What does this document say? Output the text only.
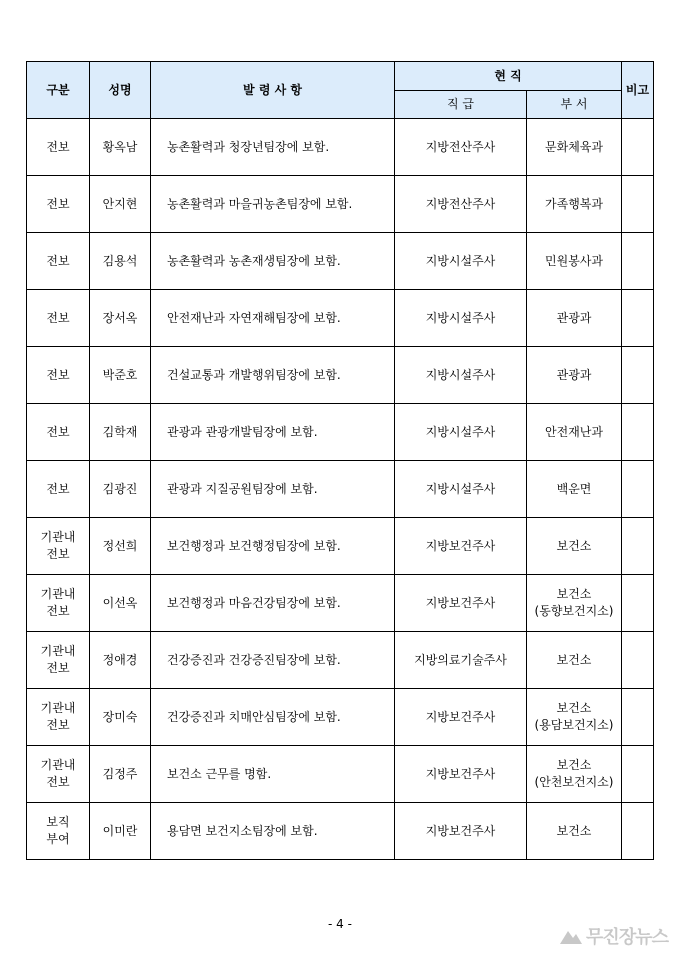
구분	성명	발 령 사 항	현 직		비고
			직 급	부 서	

전보	황옥남	농촌활력과 청장년팀장에 보함.	지방전산주사	문화체육과	

전보	안지현	농촌활력과 마을귀농촌팀장에 보함.	지방전산주사	가족행복과	

전보	김용석	농촌활력과 농촌재생팀장에 보함.	지방시설주사	민원봉사과	

전보	장서옥	안전재난과 자연재해팀장에 보함.	지방시설주사	관광과	

전보	박준호	건설교통과 개발행위팀장에 보함.	지방시설주사	관광과	

전보	김학재	관광과 관광개발팀장에 보함.	지방시설주사	안전재난과	

전보	김광진	관광과 지질공원팀장에 보함.	지방시설주사	백운면	

기관내
전보	정선희	보건행정과 보건행정팀장에 보함.	지방보건주사	보건소	

기관내
전보	이선옥	보건행정과 마음건강팀장에 보함.	지방보건주사	보건소
(동향보건지소)	

기관내
전보	정애경	건강증진과 건강증진팀장에 보함.	지방의료기술주사	보건소	

기관내
전보	장미숙	건강증진과 치매안심팀장에 보함.	지방보건주사	보건소
(용담보건지소)	

기관내
전보	김정주	보건소 근무를 명함.	지방보건주사	보건소
(안천보건지소)	

보직
부여	이미란	용담면 보건지소팀장에 보함.	지방보건주사	보건소	

- 4 -
무진장뉴스
